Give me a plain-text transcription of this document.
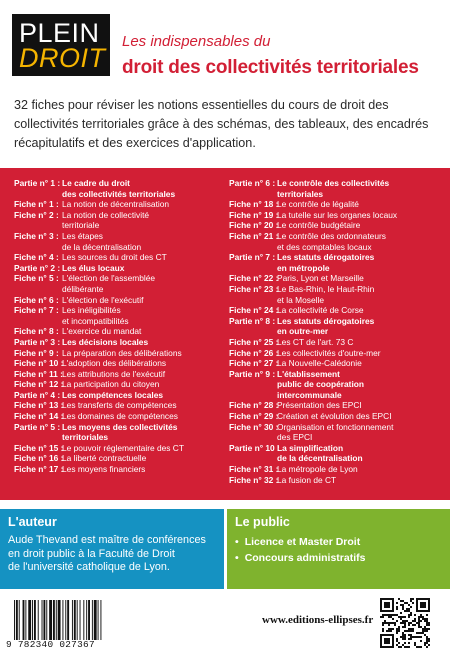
PLEIN
DROIT
Les indispensables du
droit des collectivités territoriales
32 fiches pour réviser les notions essentielles du cours de droit des collectivités territoriales grâce à des schémas, des tableaux, des encadrés récapitulatifs et des exercices d'application.
Partie n° 1 : Le cadre du droit
des collectivités territoriales
Fiche n° 1 : La notion de décentralisation
Fiche n° 2 : La notion de collectivité
territoriale
Fiche n° 3 : Les étapes
de la décentralisation
Fiche n° 4 : Les sources du droit des CT
Partie n° 2 : Les élus locaux
Fiche n° 5 : L'élection de l'assemblée
délibérante
Fiche n° 6 : L'élection de l'exécutif
Fiche n° 7 : Les inéligibilités
et incompatibilités
Fiche n° 8 : L'exercice du mandat
Partie n° 3 : Les décisions locales
Fiche n° 9 : La préparation des délibérations
Fiche n° 10 :
L'adoption des délibérations
Fiche n° 11 : Les attributions de l'exécutif
Fiche n° 12 :
La participation du citoyen
Partie n° 4 : Les compétences locales
Fiche n° 13 :
Les transferts de compétences
Fiche n° 14 :
Les domaines de compétences
Partie n° 5 : Les moyens des collectivités
territoriales
Fiche n° 15 :
Le pouvoir réglementaire des CT
Fiche n° 16 :
La liberté contractuelle
Fiche n° 17 :
Les moyens financiers
Partie n° 6 : Le contrôle des collectivités
territoriales
Fiche n° 18 :
Le contrôle de légalité
Fiche n° 19 :
La tutelle sur les organes locaux
Fiche n° 20 :
Le contrôle budgétaire
Fiche n° 21 :
Le contrôle des ordonnateurs
et des comptables locaux
Partie n° 7 : Les statuts dérogatoires
en métropole
Fiche n° 22 :
Paris, Lyon et Marseille
Fiche n° 23 :
Le Bas-Rhin, le Haut-Rhin
et la Moselle
Fiche n° 24 :
La collectivité de Corse
Partie n° 8 : Les statuts dérogatoires
en outre-mer
Fiche n° 25 :
Les CT de l'art. 73 C
Fiche n° 26 :
Les collectivités d'outre-mer
Fiche n° 27 :
La Nouvelle-Calédonie
Partie n° 9 : L'établissement
public de coopération
intercommunale
Fiche n° 28 :
Présentation des EPCI
Fiche n° 29 :
Création et évolution des EPCI
Fiche n° 30 :
Organisation et fonctionnement
des EPCI
Partie n° 10 :
La simplification
de la décentralisation
Fiche n° 31 :
La métropole de Lyon
Fiche n° 32 :
La fusion de CT
L'auteur
Aude Thevand est maître de conférences
en droit public à la Faculté de Droit
de l'université catholique de Lyon.
Le public
• Licence et Master Droit
• Concours administratifs
9 782340 027367
www.editions-ellipses.fr
